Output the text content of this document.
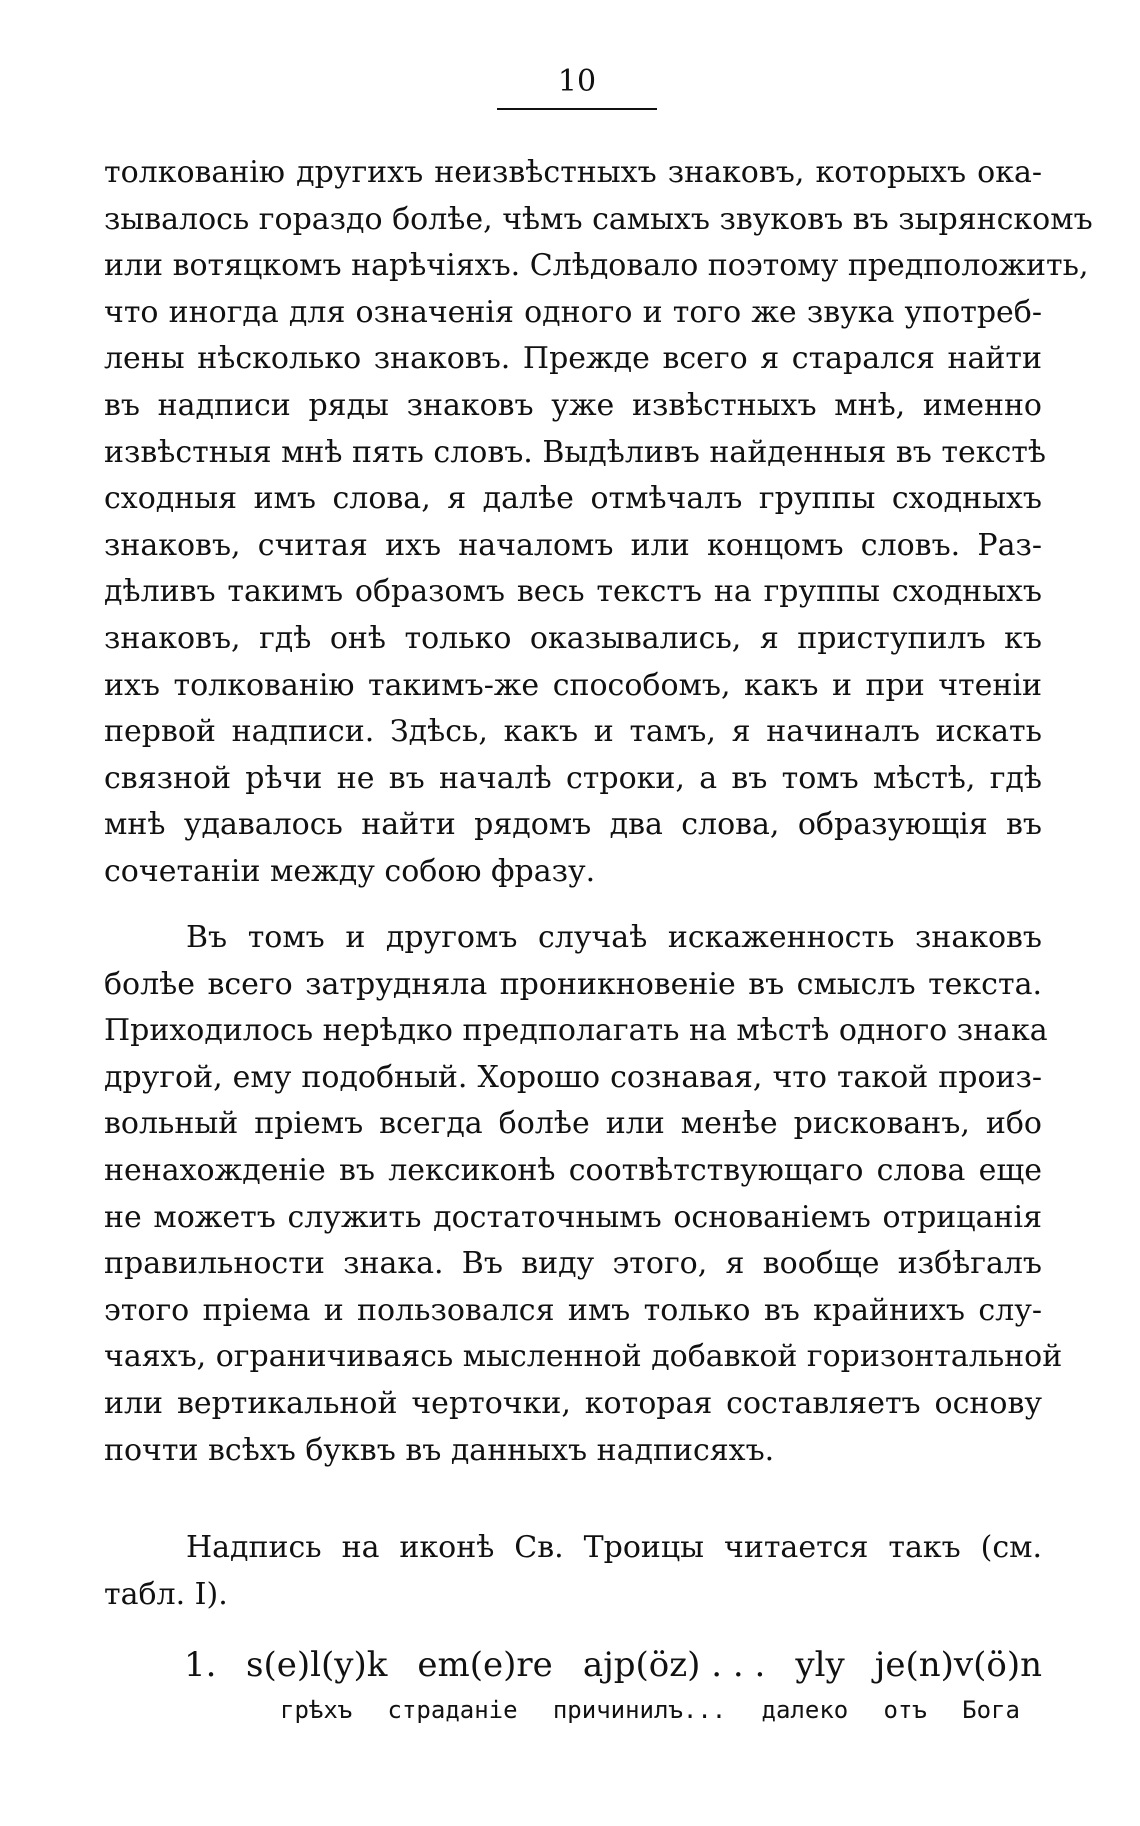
10
толкованію другихъ неизвѣстныхъ знаковъ, которыхъ ока-
зывалось гораздо болѣе, чѣмъ самыхъ звуковъ въ зырянскомъ
или вотяцкомъ нарѣчіяхъ. Слѣдовало поэтому предположить,
что иногда для означенія одного и того же звука употреб-
лены нѣсколько знаковъ. Прежде всего я старался найти
въ надписи ряды знаковъ уже извѣстныхъ мнѣ, именно
извѣстныя мнѣ пять словъ. Выдѣливъ найденныя въ текстѣ
сходныя имъ слова, я далѣе отмѣчалъ группы сходныхъ
знаковъ, считая ихъ началомъ или концомъ словъ. Раз-
дѣливъ такимъ образомъ весь текстъ на группы сходныхъ
знаковъ, гдѣ онѣ только оказывались, я приступилъ къ
ихъ толкованію такимъ-же способомъ, какъ и при чтеніи
первой надписи. Здѣсь, какъ и тамъ, я начиналъ искать
связной рѣчи не въ началѣ строки, а въ томъ мѣстѣ, гдѣ
мнѣ удавалось найти рядомъ два слова, образующія въ
сочетаніи между собою фразу.
Въ томъ и другомъ случаѣ искаженность знаковъ
болѣе всего затрудняла проникновеніе въ смыслъ текста.
Приходилось нерѣдко предполагать на мѣстѣ одного знака
другой, ему подобный. Хорошо сознавая, что такой произ-
вольный пріемъ всегда болѣе или менѣе рискованъ, ибо
ненахожденіе въ лексиконѣ соотвѣтствующаго слова еще
не можетъ служить достаточнымъ основаніемъ отрицанія
правильности знака. Въ виду этого, я вообще избѣгалъ
этого пріема и пользовался имъ только въ крайнихъ слу-
чаяхъ, ограничиваясь мысленной добавкой горизонтальной
или вертикальной черточки, которая составляетъ основу
почти всѣхъ буквъ въ данныхъ надписяхъ.
Надпись на иконѣ Св. Троицы читается такъ (см.
табл. I).
1. s(e)l(y)k em(e)re ajp(öz) . . . yly je(n)v(ö)n
грѣхъ страданіе причинилъ... далеко отъ Бога
